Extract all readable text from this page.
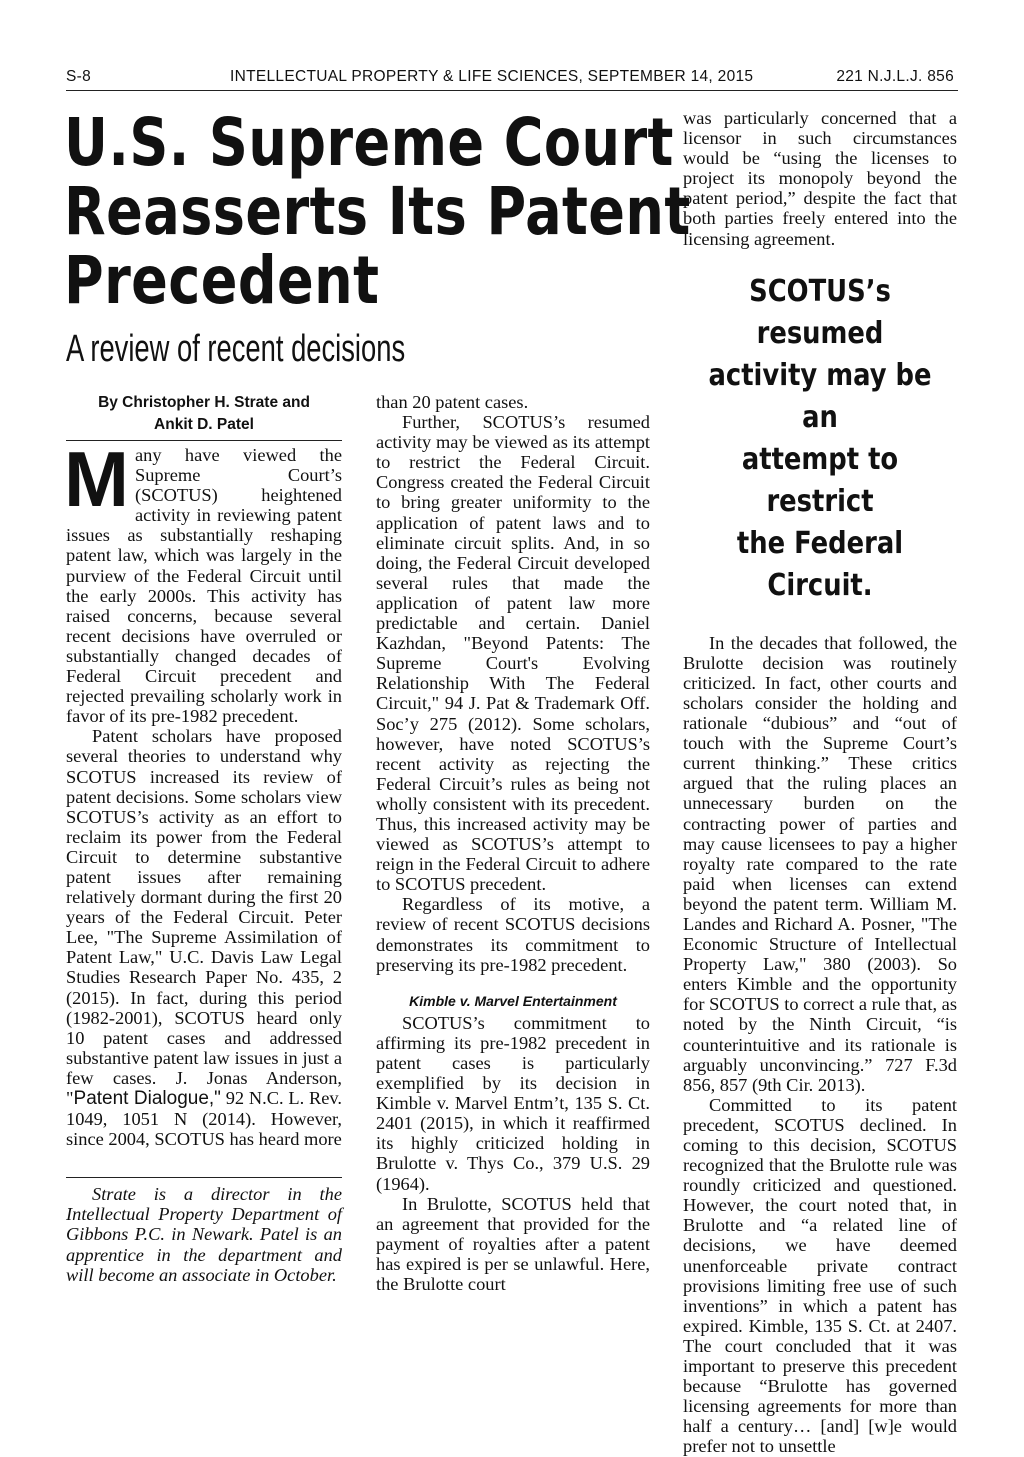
S-8	INTELLECTUAL PROPERTY & LIFE SCIENCES, SEPTEMBER 14, 2015	221 N.J.L.J. 856
U.S. Supreme Court
Reasserts Its Patent
Precedent
A review of recent decisions
By Christopher H. Strate and
Ankit D. Patel

Many have viewed the Supreme Court’s (SCOTUS) heightened activity in reviewing patent issues as substantially reshaping patent law, which was largely in the purview of the Federal Circuit until the early 2000s. This activity has raised concerns, because several recent decisions have overruled or substantially changed decades of Federal Circuit precedent and rejected prevailing scholarly work in favor of its pre-1982 precedent.

Patent scholars have proposed several theories to understand why SCOTUS increased its review of patent decisions. Some scholars view SCOTUS’s activity as an effort to reclaim its power from the Federal Circuit to determine substantive patent issues after remaining relatively dormant during the first 20 years of the Federal Circuit. Peter Lee, "The Supreme Assimilation of Patent Law," U.C. Davis Law Legal Studies Research Paper No. 435, 2 (2015). In fact, during this period (1982-2001), SCOTUS heard only 10 patent cases and addressed substantive patent law issues in just a few cases. J. Jonas Anderson, "Patent Dialogue," 92 N.C. L. Rev. 1049, 1051 N (2014). However, since 2004, SCOTUS has heard more

Strate is a director in the Intellectual Property Department of Gibbons P.C. in Newark. Patel is an apprentice in the department and will become an associate in October.

than 20 patent cases.

Further, SCOTUS’s resumed activity may be viewed as its attempt to restrict the Federal Circuit. Congress created the Federal Circuit to bring greater uniformity to the application of patent laws and to eliminate circuit splits. And, in so doing, the Federal Circuit developed several rules that made the application of patent law more predictable and certain. Daniel Kazhdan, "Beyond Patents: The Supreme Court's Evolving Relationship With The Federal Circuit," 94 J. Pat & Trademark Off. Soc’y 275 (2012). Some scholars, however, have noted SCOTUS’s recent activity as rejecting the Federal Circuit’s rules as being not wholly consistent with its precedent. Thus, this increased activity may be viewed as SCOTUS’s attempt to reign in the Federal Circuit to adhere to SCOTUS precedent.

Regardless of its motive, a review of recent SCOTUS decisions demonstrates its commitment to preserving its pre-1982 precedent.

Kimble v. Marvel Entertainment

SCOTUS’s commitment to affirming its pre-1982 precedent in patent cases is particularly exemplified by its decision in Kimble v. Marvel Entm’t, 135 S. Ct. 2401 (2015), in which it reaffirmed its highly criticized holding in Brulotte v. Thys Co., 379 U.S. 29 (1964).

In Brulotte, SCOTUS held that an agreement that provided for the payment of royalties after a patent has expired is per se unlawful. Here, the Brulotte court

was particularly concerned that a licensor in such circumstances would be “using the licenses to project its monopoly beyond the patent period,” despite the fact that both parties freely entered into the licensing agreement.

SCOTUS’s resumed
activity may be an
attempt to restrict
the Federal Circuit.

In the decades that followed, the Brulotte decision was routinely criticized. In fact, other courts and scholars consider the holding and rationale “dubious” and “out of touch with the Supreme Court’s current thinking.” These critics argued that the ruling places an unnecessary burden on the contracting power of parties and may cause licensees to pay a higher royalty rate compared to the rate paid when licenses can extend beyond the patent term. William M. Landes and Richard A. Posner, "The Economic Structure of Intellectual Property Law," 380 (2003). So enters Kimble and the opportunity for SCOTUS to correct a rule that, as noted by the Ninth Circuit, “is counterintuitive and its rationale is arguably unconvincing.” 727 F.3d 856, 857 (9th Cir. 2013).

Committed to its patent precedent, SCOTUS declined. In coming to this decision, SCOTUS recognized that the Brulotte rule was roundly criticized and questioned. However, the court noted that, in Brulotte and “a related line of decisions, we have deemed unenforceable private contract provisions limiting free use of such inventions” in which a patent has expired. Kimble, 135 S. Ct. at 2407. The court concluded that it was important to preserve this precedent because “Brulotte has governed licensing agreements for more than half a century… [and] [w]e would prefer not to unsettle
